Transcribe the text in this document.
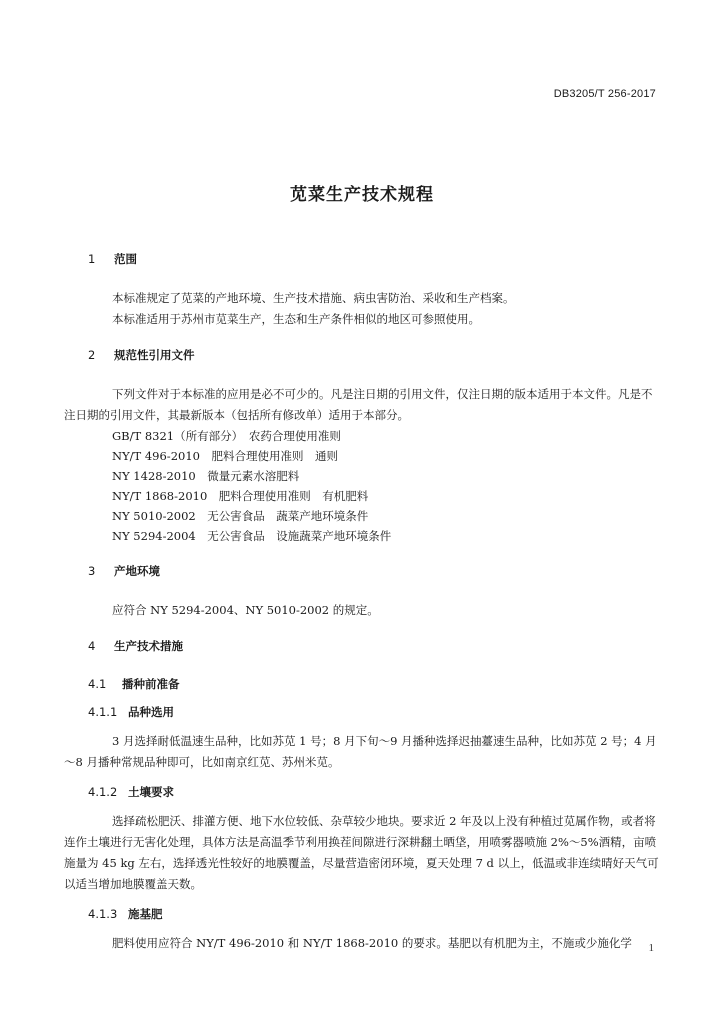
DB3205/T 256-2017
苋菜生产技术规程
1 范围

本标准规定了苋菜的产地环境、生产技术措施、病虫害防治、采收和生产档案。

本标准适用于苏州市苋菜生产，生态和生产条件相似的地区可参照使用。

2 规范性引用文件

下列文件对于本标准的应用是必不可少的。凡是注日期的引用文件，仅注日期的版本适用于本文件。凡是不注日期的引用文件，其最新版本（包括所有修改单）适用于本部分。

GB/T 8321（所有部分）　农药合理使用准则
NY/T 496-2010　肥料合理使用准则　通则
NY 1428-2010　微量元素水溶肥料
NY/T 1868-2010　肥料合理使用准则　有机肥料
NY 5010-2002　无公害食品　蔬菜产地环境条件
NY 5294-2004　无公害食品　设施蔬菜产地环境条件
3 产地环境

应符合 NY 5294-2004、NY 5010-2002 的规定。

4 生产技术措施
4.1 播种前准备
4.1.1 品种选用

3 月选择耐低温速生品种，比如苏苋 1 号；8 月下旬～9 月播种选择迟抽薹速生品种，比如苏苋 2 号；4 月～8 月播种常规品种即可，比如南京红苋、苏州米苋。

4.1.2 土壤要求

选择疏松肥沃、排灌方便、地下水位较低、杂草较少地块。要求近 2 年及以上没有种植过苋属作物，或者将连作土壤进行无害化处理，具体方法是高温季节利用换茬间隙进行深耕翻土晒垡，用喷雾器喷施 2%～5%酒精，亩喷施量为 45 kg 左右，选择透光性较好的地膜覆盖，尽量营造密闭环境，夏天处理 7 d 以上，低温或非连续晴好天气可以适当增加地膜覆盖天数。

4.1.3 施基肥

肥料使用应符合 NY/T 496-2010 和 NY/T 1868-2010 的要求。基肥以有机肥为主，不施或少施化学	1
